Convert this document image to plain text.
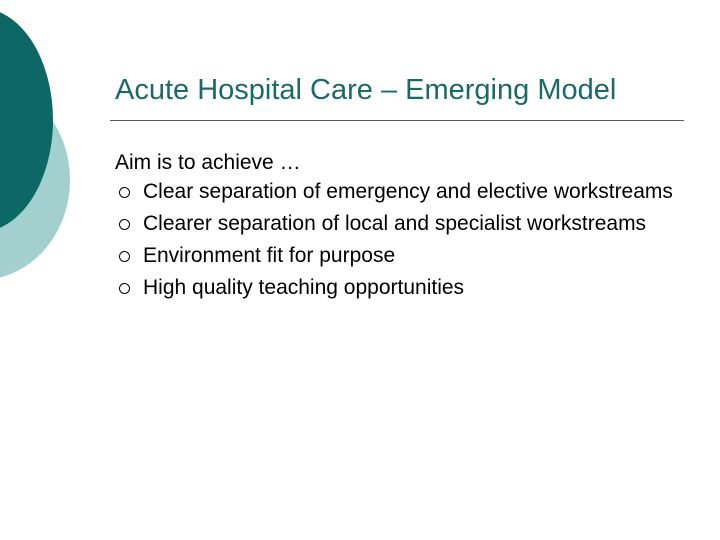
Acute Hospital Care – Emerging Model
Aim is to achieve …
Clear separation of emergency and elective workstreams
Clearer separation of local and specialist workstreams
Environment fit for purpose
High quality teaching opportunities
